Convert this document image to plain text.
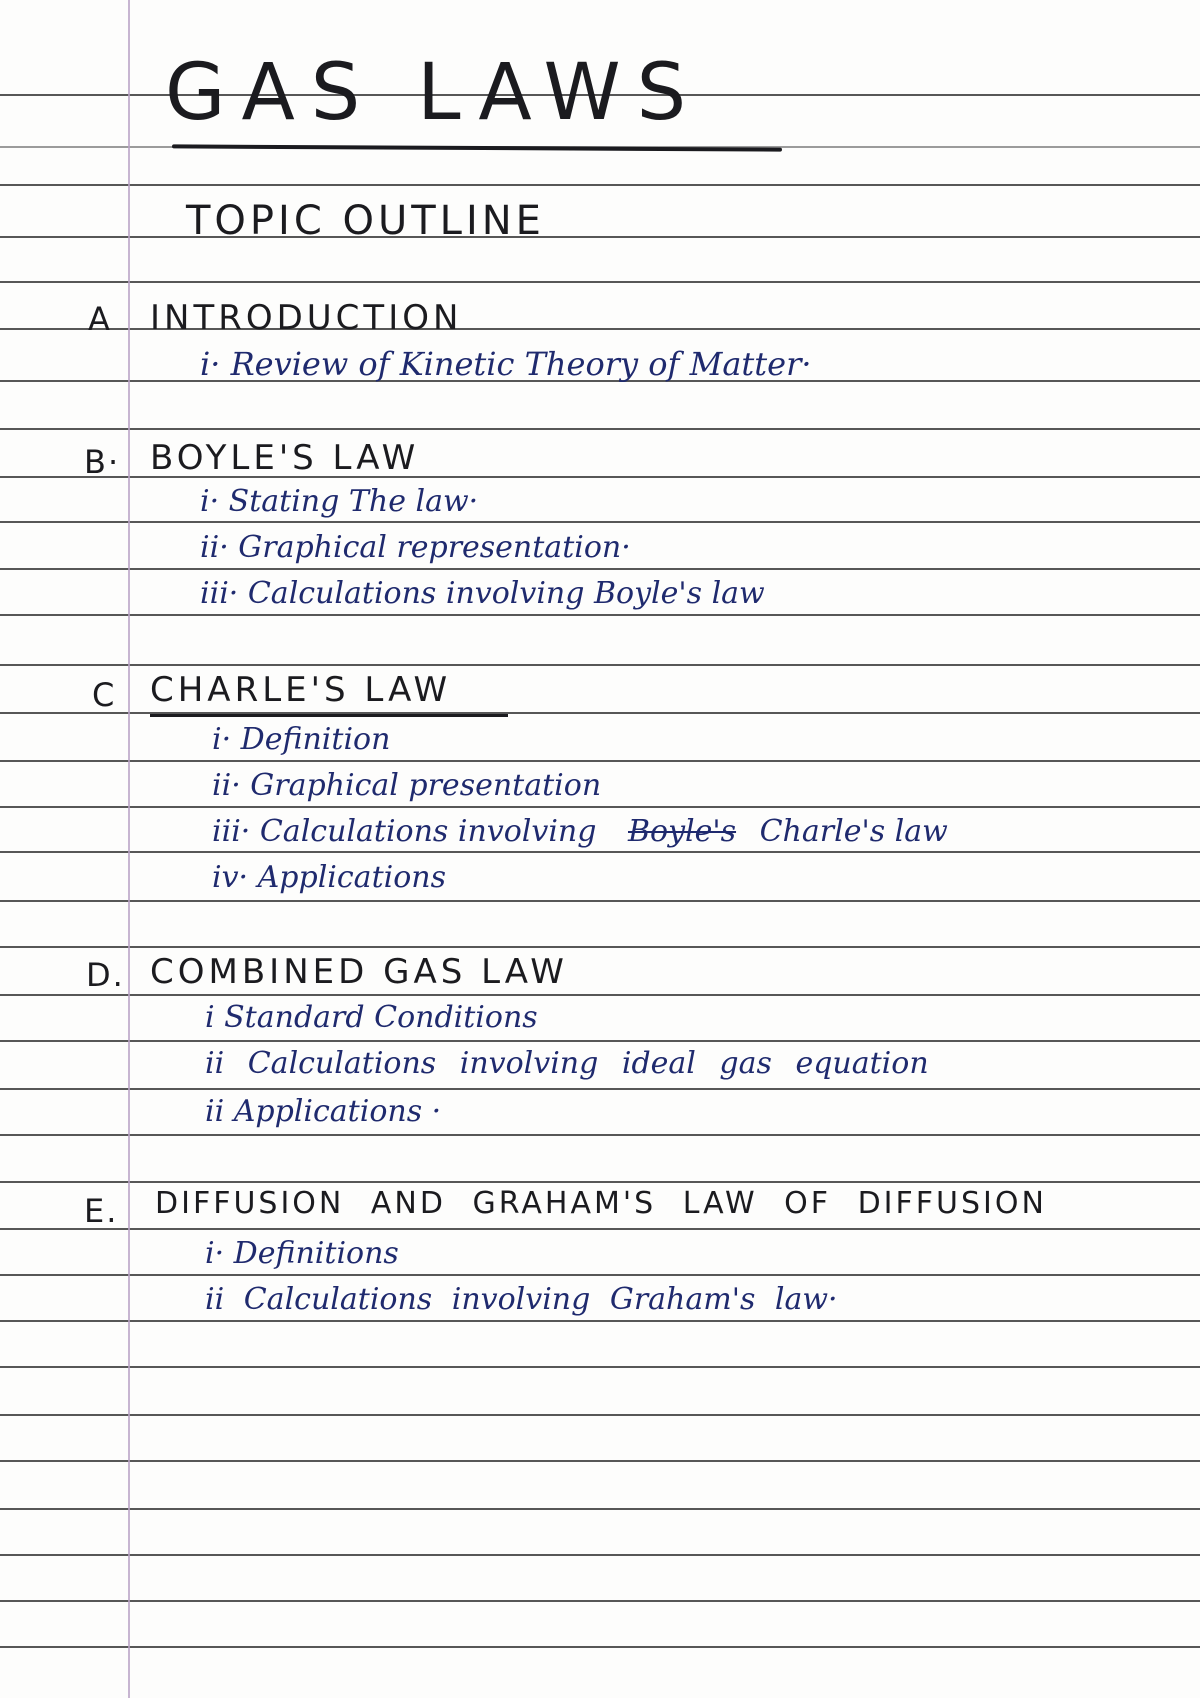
GAS LAWS
TOPIC OUTLINE
A INTRODUCTION
i· Review of Kinetic Theory of Matter·
B· BOYLE'S LAW
i· Stating The law·
ii· Graphical representation·
iii· Calculations involving Boyle's law
C CHARLE'S LAW
i· Definition
ii· Graphical presentation
iii· Calculations involving Boyle's Charle's law
iv· Applications
D. COMBINED GAS LAW
i Standard Conditions
ii Calculations involving ideal gas equation
ii Applications ·
E. DIFFUSION AND GRAHAM'S LAW OF DIFFUSION
i· Definitions
ii Calculations involving Graham's law·
